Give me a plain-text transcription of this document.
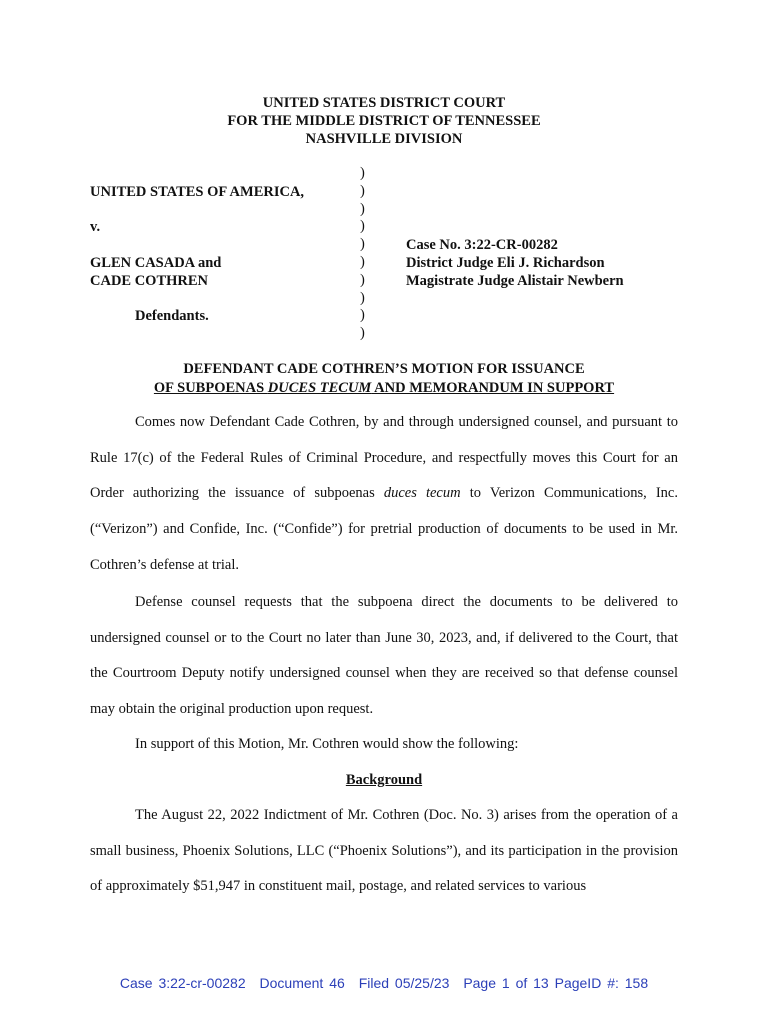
UNITED STATES DISTRICT COURT
FOR THE MIDDLE DISTRICT OF TENNESSEE
NASHVILLE DIVISION
UNITED STATES OF AMERICA,
v.
GLEN CASADA and
CADE COTHREN
Defendants.
)
)
)
)
)
)
)
)
)
)
Case No. 3:22-CR-00282
District Judge Eli J. Richardson
Magistrate Judge Alistair Newbern
DEFENDANT CADE COTHREN’S MOTION FOR ISSUANCE
OF SUBPOENAS DUCES TECUM AND MEMORANDUM IN SUPPORT

Comes now Defendant Cade Cothren, by and through undersigned counsel, and pursuant to Rule 17(c) of the Federal Rules of Criminal Procedure, and respectfully moves this Court for an Order authorizing the issuance of subpoenas duces tecum to Verizon Communications, Inc. (“Verizon”) and Confide, Inc. (“Confide”) for pretrial production of documents to be used in Mr. Cothren’s defense at trial.

Defense counsel requests that the subpoena direct the documents to be delivered to undersigned counsel or to the Court no later than June 30, 2023, and, if delivered to the Court, that the Courtroom Deputy notify undersigned counsel when they are received so that defense counsel may obtain the original production upon request.

In support of this Motion, Mr. Cothren would show the following:

Background

The August 22, 2022 Indictment of Mr. Cothren (Doc. No. 3) arises from the operation of a small business, Phoenix Solutions, LLC (“Phoenix Solutions”), and its participation in the provision of approximately $51,947 in constituent mail, postage, and related services to various

Case 3:22-cr-00282 Document 46 Filed 05/25/23 Page 1 of 13 PageID #: 158
